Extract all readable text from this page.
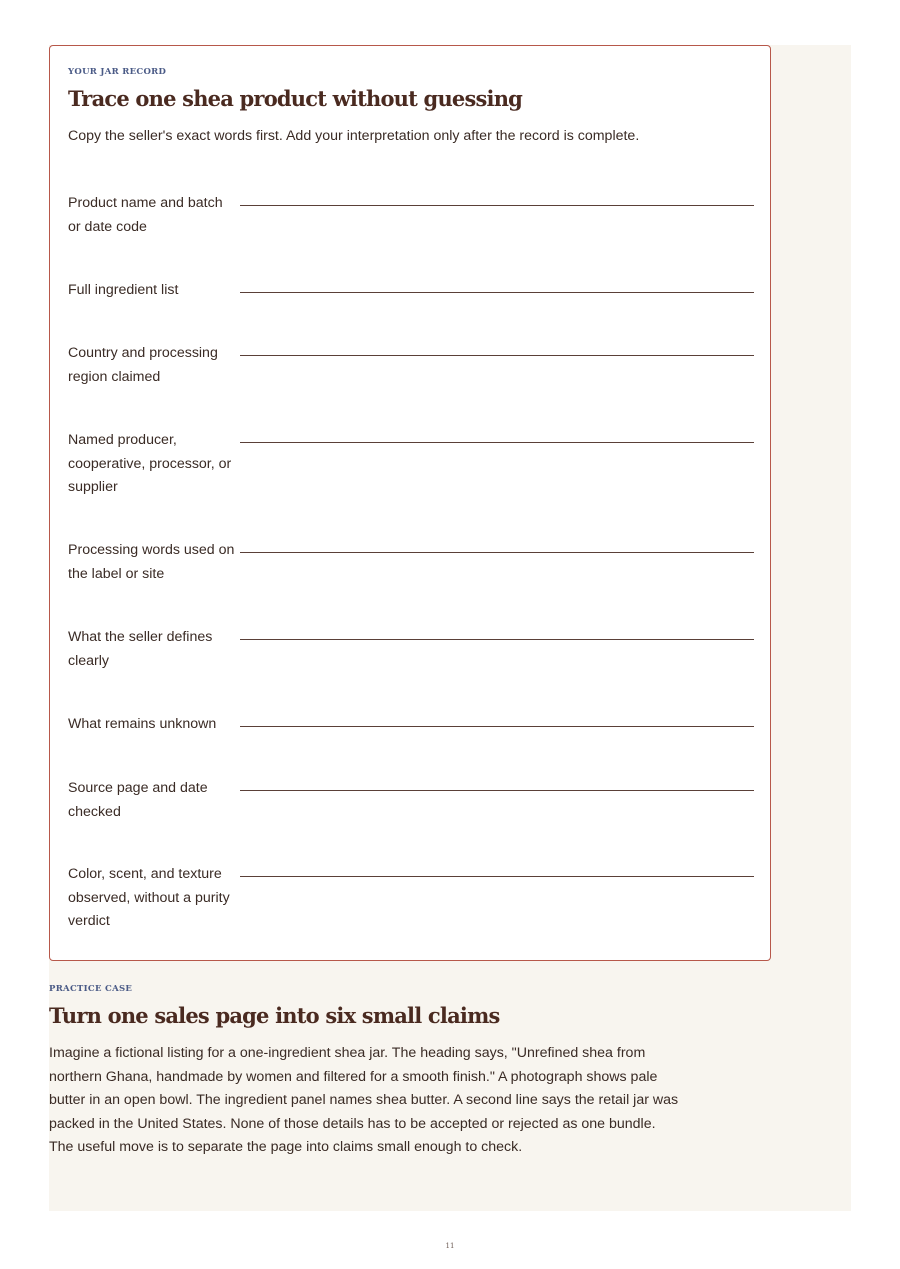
YOUR JAR RECORD
Trace one shea product without guessing

Copy the seller's exact words first. Add your interpretation only after the record is complete.

Product name and batch or date code
Full ingredient list
Country and processing region claimed
Named producer, cooperative, processor, or supplier
Processing words used on the label or site
What the seller defines clearly
What remains unknown
Source page and date checked
Color, scent, and texture observed, without a purity verdict
PRACTICE CASE
Turn one sales page into six small claims

Imagine a fictional listing for a one-ingredient shea jar. The heading says, "Unrefined shea from northern Ghana, handmade by women and filtered for a smooth finish." A photograph shows pale butter in an open bowl. The ingredient panel names shea butter. A second line says the retail jar was packed in the United States. None of those details has to be accepted or rejected as one bundle. The useful move is to separate the page into claims small enough to check.

11
